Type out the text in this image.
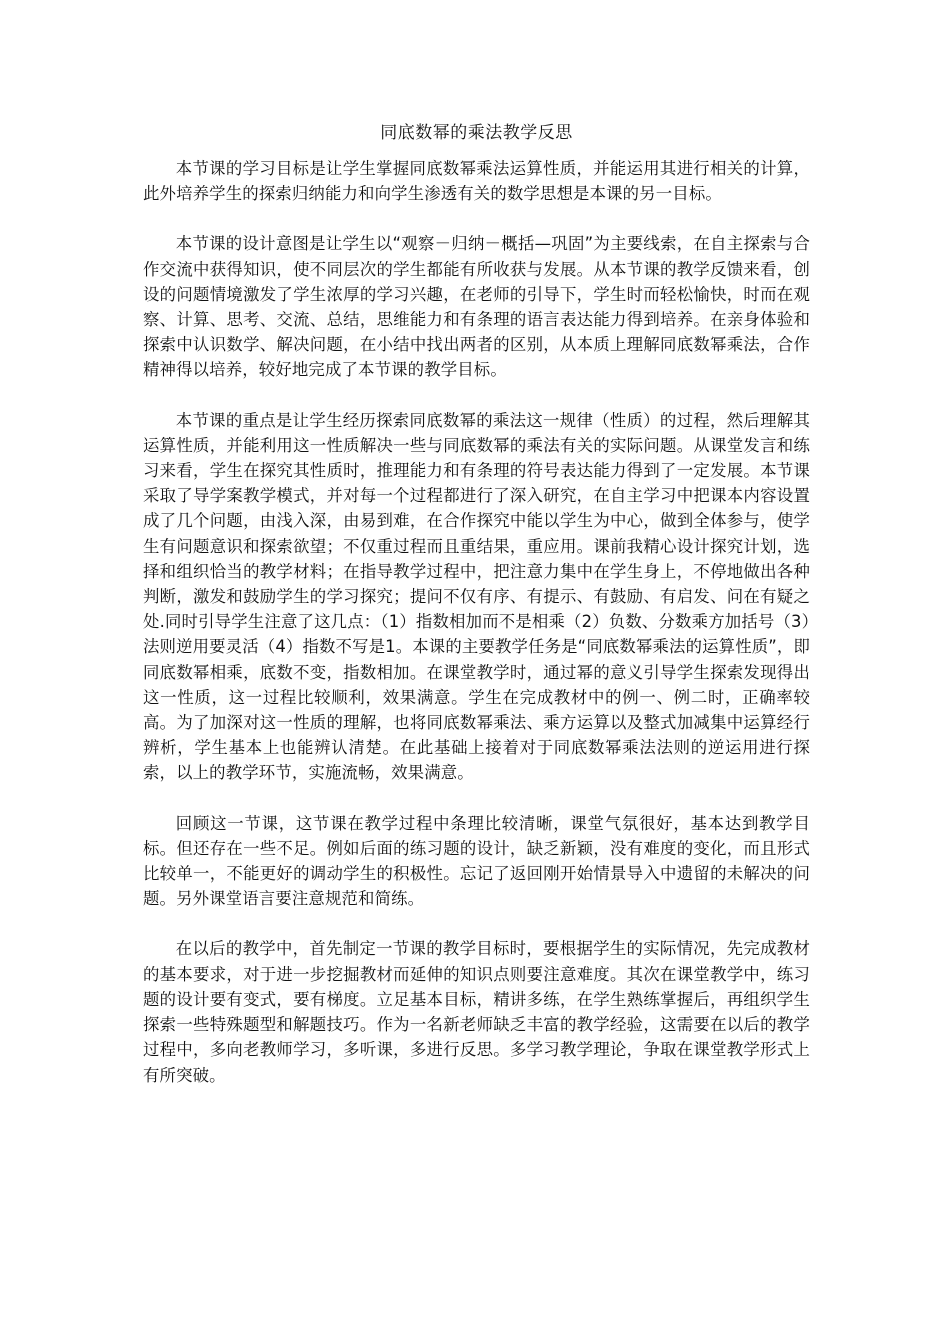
同底数幂的乘法教学反思

本节课的学习目标是让学生掌握同底数幂乘法运算性质，并能运用其进行相关的计算，此外培养学生的探索归纳能力和向学生渗透有关的数学思想是本课的另一目标。

本节课的设计意图是让学生以“观察－归纳－概括—巩固”为主要线索，在自主探索与合作交流中获得知识，使不同层次的学生都能有所收获与发展。从本节课的教学反馈来看，创设的问题情境激发了学生浓厚的学习兴趣，在老师的引导下，学生时而轻松愉快，时而在观察、计算、思考、交流、总结，思维能力和有条理的语言表达能力得到培养。在亲身体验和探索中认识数学、解决问题，在小结中找出两者的区别，从本质上理解同底数幂乘法，合作精神得以培养，较好地完成了本节课的教学目标。

本节课的重点是让学生经历探索同底数幂的乘法这一规律（性质）的过程，然后理解其运算性质，并能利用这一性质解决一些与同底数幂的乘法有关的实际问题。从课堂发言和练习来看，学生在探究其性质时，推理能力和有条理的符号表达能力得到了一定发展。本节课采取了导学案教学模式，并对每一个过程都进行了深入研究，在自主学习中把课本内容设置成了几个问题，由浅入深，由易到难，在合作探究中能以学生为中心，做到全体参与，使学生有问题意识和探索欲望；不仅重过程而且重结果，重应用。课前我精心设计探究计划，选择和组织恰当的教学材料；在指导教学过程中，把注意力集中在学生身上，不停地做出各种判断，激发和鼓励学生的学习探究；提问不仅有序、有提示、有鼓励、有启发、问在有疑之处.同时引导学生注意了这几点：（1）指数相加而不是相乘（2）负数、分数乘方加括号（3）法则逆用要灵活（4）指数不写是1。本课的主要教学任务是“同底数幂乘法的运算性质”，即同底数幂相乘，底数不变，指数相加。在课堂教学时，通过幂的意义引导学生探索发现得出这一性质，这一过程比较顺利，效果满意。学生在完成教材中的例一、例二时，正确率较高。为了加深对这一性质的理解，也将同底数幂乘法、乘方运算以及整式加减集中运算经行辨析，学生基本上也能辨认清楚。在此基础上接着对于同底数幂乘法法则的逆运用进行探索，以上的教学环节，实施流畅，效果满意。

回顾这一节课，这节课在教学过程中条理比较清晰，课堂气氛很好，基本达到教学目标。但还存在一些不足。例如后面的练习题的设计，缺乏新颖，没有难度的变化，而且形式比较单一，不能更好的调动学生的积极性。忘记了返回刚开始情景导入中遗留的未解决的问题。另外课堂语言要注意规范和简练。

在以后的教学中，首先制定一节课的教学目标时，要根据学生的实际情况，先完成教材的基本要求，对于进一步挖掘教材而延伸的知识点则要注意难度。其次在课堂教学中，练习题的设计要有变式，要有梯度。立足基本目标，精讲多练，在学生熟练掌握后，再组织学生探索一些特殊题型和解题技巧。作为一名新老师缺乏丰富的教学经验，这需要在以后的教学过程中，多向老教师学习，多听课，多进行反思。多学习教学理论，争取在课堂教学形式上有所突破。
